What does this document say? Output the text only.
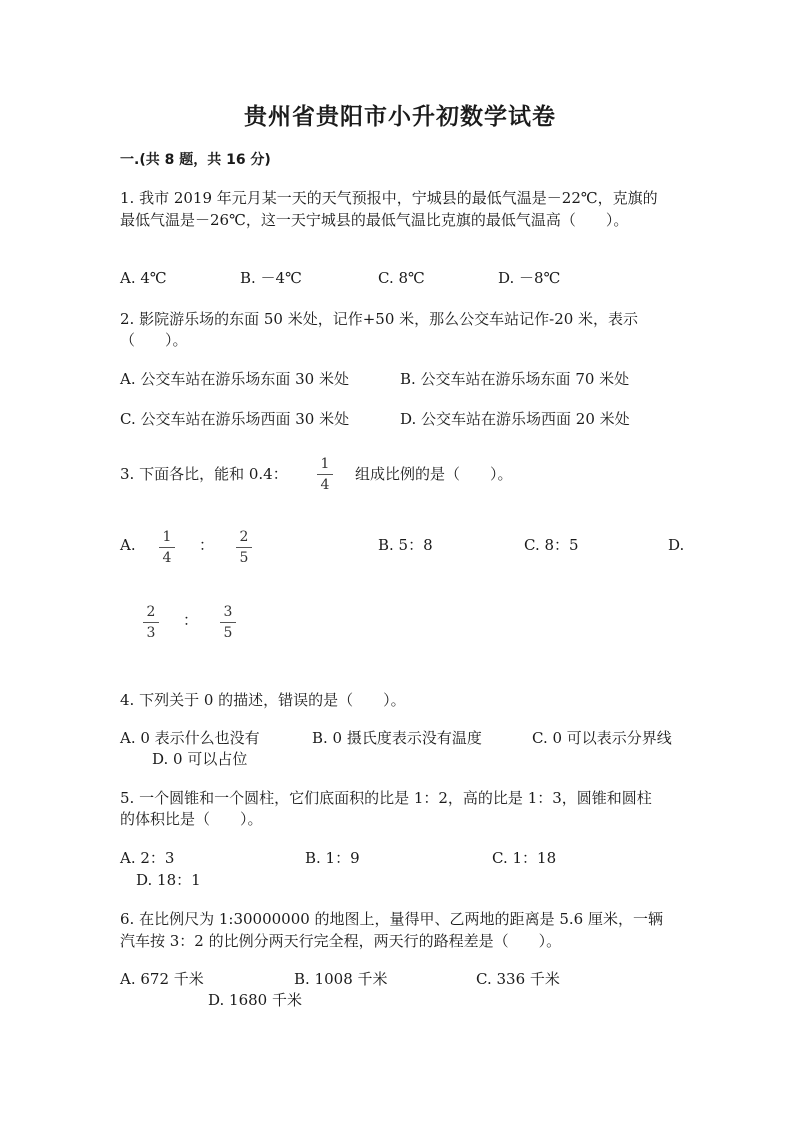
贵州省贵阳市小升初数学试卷
一.(共 8 题，共 16 分)
1. 我市 2019 年元月某一天的天气预报中，宁城县的最低气温是－22℃，克旗的
最低气温是－26℃，这一天宁城县的最低气温比克旗的最低气温高（　　）。
A. 4℃	B. －4℃	C. 8℃	D. －8℃
2. 影院游乐场的东面 50 米处，记作+50 米，那么公交车站记作-20 米，表示
（　　）。
A. 公交车站在游乐场东面 30 米处	B. 公交车站在游乐场东面 70 米处
C. 公交车站在游乐场西面 30 米处	D. 公交车站在游乐场西面 20 米处
3. 下面各比，能和 0.4：
1
4
组成比例的是（　　）。
A.	1
4
：	2
5
B. 5：8	C. 8：5	D.
2
3
：	3
5
4. 下列关于 0 的描述，错误的是（　　）。
A. 0 表示什么也没有	B. 0 摄氏度表示没有温度	C. 0 可以表示分界线
D. 0 可以占位
5. 一个圆锥和一个圆柱，它们底面积的比是 1：2，高的比是 1：3，圆锥和圆柱
的体积比是（　　）。
A. 2：3	B. 1：9	C. 1：18
D. 18：1
6. 在比例尺为 1:30000000 的地图上，量得甲、乙两地的距离是 5.6 厘米，一辆
汽车按 3：2 的比例分两天行完全程，两天行的路程差是（　　）。
A. 672 千米	B. 1008 千米	C. 336 千米
D. 1680 千米
